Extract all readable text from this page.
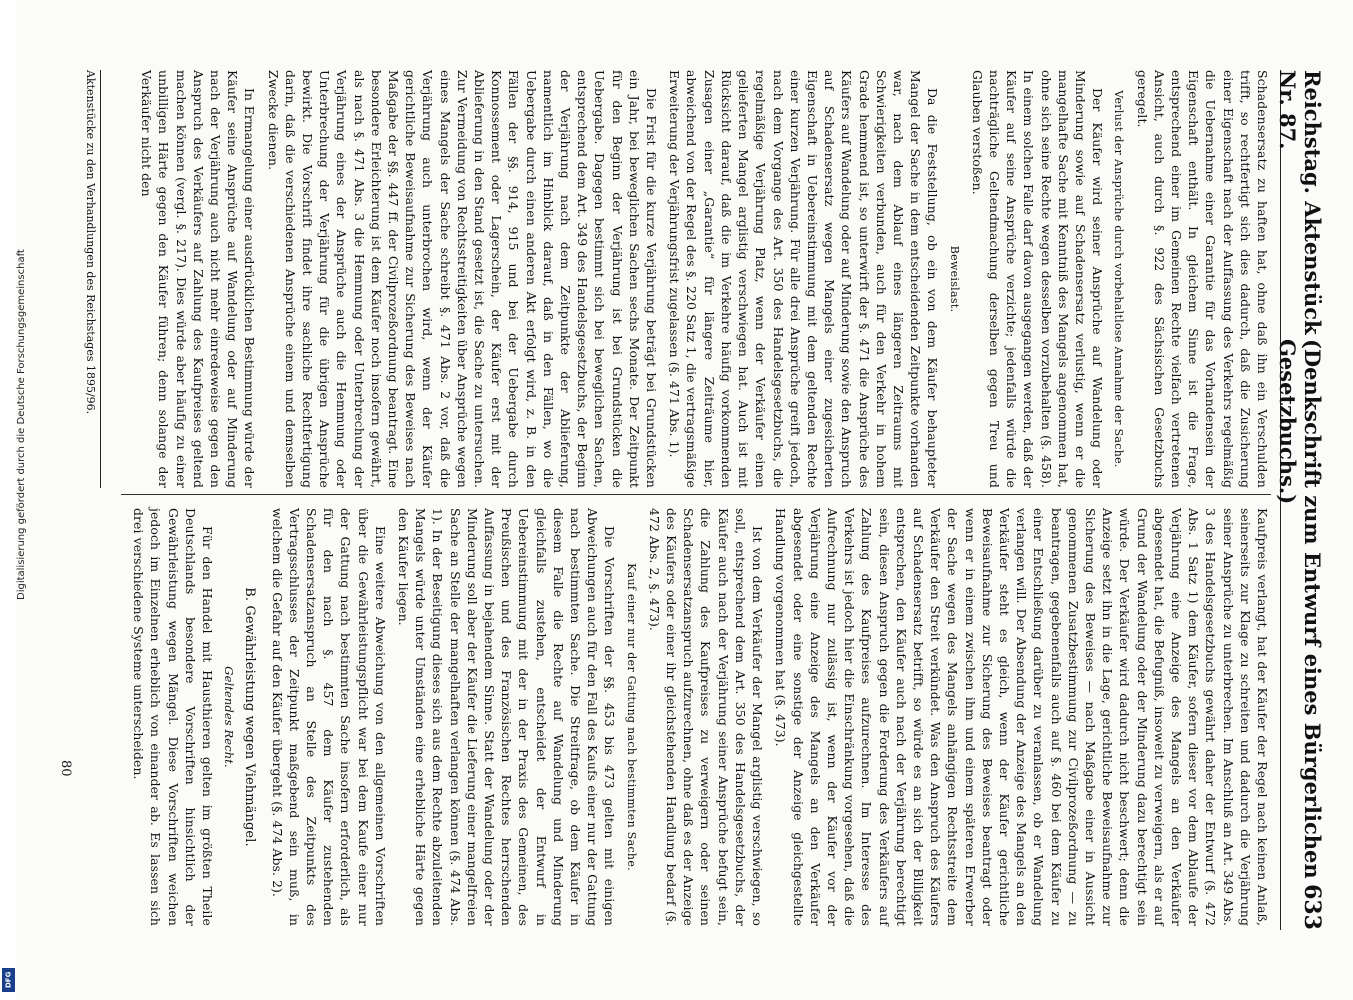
Reichstag. Aktenstück Nr. 87.
(Denkschrift zum Entwurf eines Bürgerlichen Gesetzbuchs.)
633

Schadensersatz zu haften hat, ohne daß ihn ein Verschulden trifft, so rechtfertigt sich dies dadurch, daß die Zusicherung einer Eigenschaft nach der Auffassung des Verkehrs regelmäßig die Uebernahme einer Garantie für das Vorhandensein der Eigenschaft enthält. In gleichem Sinne ist die Frage, entsprechend einer im Gemeinen Rechte vielfach vertretenen Ansicht, auch durch §. 922 des Sächsischen Gesetzbuchs geregelt.

Verlust der Ansprüche durch vorbehaltlose Annahme der Sache.

Der Käufer wird seiner Ansprüche auf Wandelung oder Minderung sowie auf Schadensersatz verlustig, wenn er die mangelhafte Sache mit Kenntniß des Mangels angenommen hat, ohne sich seine Rechte wegen desselben vorzubehalten (§. 458). In einem solchen Falle darf davon ausgegangen werden, daß der Käufer auf seine Ansprüche verzichte; jedenfalls würde die nachträgliche Geltendmachung derselben gegen Treu und Glauben verstoßen.

Beweislast.

Da die Feststellung, ob ein von dem Käufer behaupteter Mangel der Sache in dem entscheidenden Zeitpunkte vorhanden war, nach dem Ablauf eines längeren Zeitraums mit Schwierigkeiten verbunden, auch für den Verkehr in hohem Grade hemmend ist, so unterwirft der §. 471 die Ansprüche des Käufers auf Wandelung oder auf Minderung sowie den Anspruch auf Schadensersatz wegen Mangels einer zugesicherten Eigenschaft in Uebereinstimmung mit dem geltenden Rechte einer kurzen Verjährung. Für alle drei Ansprüche greift jedoch, nach dem Vorgange des Art. 350 des Handelsgesetzbuchs, die regelmäßige Verjährung Platz, wenn der Verkäufer einen gelieferten Mangel arglistig verschwiegen hat. Auch ist mit Rücksicht darauf, daß die im Verkehre häufig vorkommenden Zusagen einer „Garantie“ für längere Zeiträume hier, abweichend von der Regel des §. 220 Satz 1, die vertragsmäßige Erweiterung der Verjährungsfrist zugelassen (§. 471 Abs. 1).

Die Frist für die kurze Verjährung beträgt bei Grundstücken ein Jahr, bei beweglichen Sachen sechs Monate. Der Zeitpunkt für den Beginn der Verjährung ist bei Grundstücken die Uebergabe. Dagegen bestimmt sich bei beweglichen Sachen, entsprechend dem Art. 349 des Handelsgesetzbuchs, der Beginn der Verjährung nach dem Zeitpunkte der Ablieferung, namentlich im Hinblick darauf, daß in den Fällen, wo die Uebergabe durch einen anderen Akt erfolgt wird, z. B. in den Fällen der §§. 914, 915 und bei der Uebergabe durch Konnossement oder Lagerschein, der Käufer erst mit der Ablieferung in den Stand gesetzt ist, die Sache zu untersuchen. Zur Vermeidung von Rechtsstreitigkeiten über Ansprüche wegen eines Mangels der Sache schreibt §. 471 Abs. 2 vor, daß die Verjährung auch unterbrochen wird, wenn der Käufer gerichtliche Beweisaufnahme zur Sicherung des Beweises nach Maßgabe der §§. 447 ff. der Civilprozeßordnung beantragt. Eine besondere Erleichterung ist dem Käufer noch insofern gewährt, als nach §. 471 Abs. 3 die Hemmung oder Unterbrechung der Verjährung eines der Ansprüche auch die Hemmung oder Unterbrechung der Verjährung für die übrigen Ansprüche bewirkt. Die Vorschrift findet ihre sachliche Rechtfertigung darin, daß die verschiedenen Ansprüche einem und demselben Zwecke dienen.

In Ermangelung einer ausdrücklichen Bestimmung würde der Käufer seine Ansprüche auf Wandelung oder auf Minderung nach der Verjährung auch nicht mehr einredeweise gegen den Anspruch des Verkäufers auf Zahlung des Kaufpreises geltend machen können (vergl. §. 217). Dies würde aber häufig zu einer unbilligen Härte gegen den Käufer führen; denn solange der Verkäufer nicht den

Kaufpreis verlangt, hat der Käufer der Regel nach keinen Anlaß, seinerseits zur Klage zu schreiten und dadurch die Verjährung seiner Ansprüche zu unterbrechen. Im Anschluß an Art. 349 Abs. 3 des Handelsgesetzbuchs gewährt daher der Entwurf (§. 472 Abs. 1 Satz 1) dem Käufer, sofern dieser vor dem Ablaufe der Verjährung eine Anzeige des Mangels an den Verkäufer abgesendet hat, die Befugniß, insoweit zu verweigern, als er auf Grund der Wandelung oder der Minderung dazu berechtigt sein würde. Der Verkäufer wird dadurch nicht beschwert; denn die Anzeige setzt ihn in die Lage, gerichtliche Beweisaufnahme zur Sicherung des Beweises — nach Maßgabe einer in Aussicht genommenen Zusatzbestimmung zur Civilprozeßordnung — zu beantragen, gegebenenfalls auch auf §. 460 bei dem Käufer zu einer Entschließung darüber zu veranlassen, ob er Wandelung verlangen will. Der Absendung der Anzeige des Mangels an den Verkäufer steht es gleich, wenn der Käufer gerichtliche Beweisaufnahme zur Sicherung des Beweises beantragt oder wenn er in einem zwischen ihm und einem späteren Erwerber der Sache wegen des Mangels anhängigen Rechtsstreite dem Verkäufer den Streit verkündet. Was den Anspruch des Käufers auf Schadensersatz betrifft, so würde es an sich der Billigkeit entsprechen, den Käufer auch nach der Verjährung berechtigt sein, diesen Anspruch gegen die Forderung des Verkäufers auf Zahlung des Kaufpreises aufzurechnen. Im Interesse des Verkehrs ist jedoch hier die Einschränkung vorgesehen, daß die Aufrechnung nur zulässig ist, wenn der Käufer vor der Verjährung eine Anzeige des Mangels an den Verkäufer abgesendet oder eine sonstige der Anzeige gleichgestellte Handlung vorgenommen hat (§. 473).

Ist von dem Verkäufer der Mangel arglistig verschwiegen, so soll, entsprechend dem Art. 350 des Handelsgesetzbuchs, der Käufer auch nach der Verjährung seiner Ansprüche befugt sein, die Zahlung des Kaufpreises zu verweigern oder seinen Schadensersatzanspruch aufzurechnen, ohne daß es der Anzeige des Käufers oder einer ihr gleichstehenden Handlung bedarf (§. 472 Abs. 2, §. 473).

Kauf einer nur der Gattung nach bestimmten Sache.

Die Vorschriften der §§. 453 bis 473 gelten mit einigen Abweichungen auch für den Fall des Kaufs einer nur der Gattung nach bestimmten Sache. Die Streitfrage, ob dem Käufer in diesem Falle die Rechte auf Wandelung und Minderung gleichfalls zustehen, entscheidet der Entwurf in Uebereinstimmung mit der in der Praxis des Gemeinen, des Preußischen und des Französischen Rechtes herrschenden Auffassung in bejahendem Sinne. Statt der Wandelung oder der Minderung soll aber der Käufer die Lieferung einer mangelfreien Sache an Stelle der mangelhaften verlangen können (§. 474 Abs. 1). In der Beseitigung dieses sich aus dem Rechte abzuleitenden Mangels würde unter Umständen eine erhebliche Härte gegen den Käufer liegen.

Eine weitere Abweichung von den allgemeinen Vorschriften über die Gewährleistungspflicht war bei dem Kaufe einer nur der Gattung nach bestimmten Sache insofern erforderlich, als für den nach §. 457 dem Käufer zustehenden Schadensersatzanspruch an Stelle des Zeitpunkts des Vertragsschlusses der Zeitpunkt maßgebend sein muß, in welchem die Gefahr auf den Käufer übergeht (§. 474 Abs. 2).

B. Gewährleistung wegen Viehmängel.

Geltendes Recht.

Für den Handel mit Hausthieren gelten im größten Theile Deutschlands besondere Vorschriften hinsichtlich der Gewährleistung wegen Mängel. Diese Vorschriften weichen jedoch im Einzelnen erheblich von einander ab. Es lassen sich drei verschiedene Systeme unterscheiden.

Aktenstücke zu den Verhandlungen des Reichstages 1895/96.
80
Digitalisierung gefördert durch die Deutsche Forschungsgemeinschaft
DFG
